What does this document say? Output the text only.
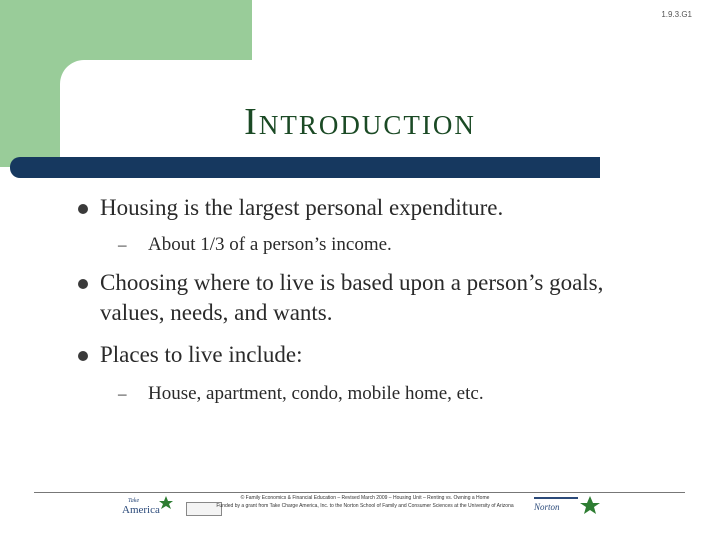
1.9.3.G1
Introduction
Housing is the largest personal expenditure.
–	About 1/3 of a person’s income.
Choosing where to live is based upon a person’s goals, values, needs, and wants.
Places to live include:
–	House, apartment, condo, mobile home, etc.
Take
America
© Family Economics & Financial Education – Revised March 2009 – Housing Unit – Renting vs. Owning a Home
Funded by a grant from Take Charge America, Inc. to the Norton School of Family and Consumer Sciences at the University of Arizona	Norton
